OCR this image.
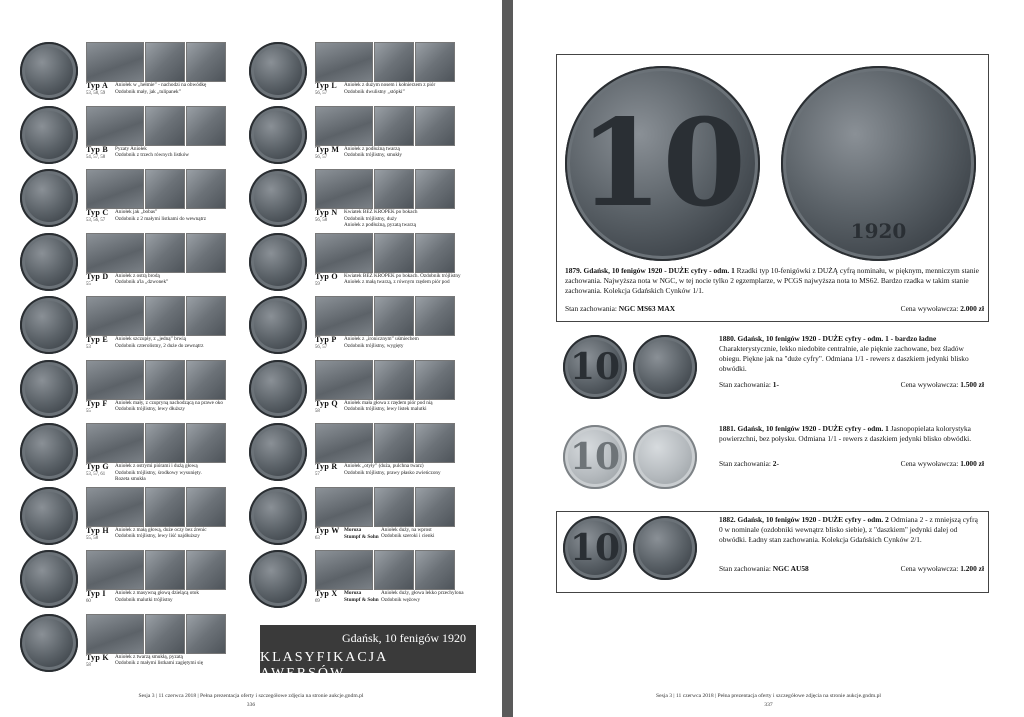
Typ A
53, 58, 59
Aniołek w „hełmie” - nachodzi na obwódkę
Ozdobnik mały, jak „tulipanek”
Typ B
54, 57, 58
Pyzaty Aniołek
Ozdobnik z trzech równych listków
Typ C
53, 56, 57
Aniołek jak „bobas”
Ozdobnik z 2 małymi listkami do wewnątrz
Typ D
55
Aniołek z ostrą brodą
Ozdobnik a'la „dzwonek”
Typ E
53
Aniołek szczupły, z „jedną” brwią
Ozdobnik czterolistny, 2 duże do zewnątrz
Typ F
55
Aniołek mały, z czupryną nachodzącą na prawe oko
Ozdobnik trójlistny, lewy dłuższy
Typ G
53, 57, 61
Aniołek z ostrymi piórami i dużą głową
Ozdobnik trójlistny, środkowy wysunięty.
Rozeta smukła
Typ H
55, 58
Aniołek z małą głową, duże oczy bez źrenic
Ozdobnik trójlistny, lewy liść najdłuższy
Typ I
60
Aniołek z masywną głową dzielącą otok
Ozdobnik malutki trójlistny
Typ K
58
Aniołek z twarzą smukłą, pyzatą
Ozdobnik z małymi listkami zagiętymi się
Typ L
56, 57
Aniołek z dużym nosem i kołnierzem z piór
Ozdobnik dwulistny „stópki”
Typ M
56, 57
Aniołek z podłużną twarzą
Ozdobnik trójlistny, smukły
Typ N
56, 58
Kwiatek BEZ KROPEK po bokach
Ozdobnik trójlistny, duży
Aniołek z podłużną, pyzatą twarzą
Typ O
59
Kwiatek BEZ KROPEK po bokach. Ozdobnik trójlistny
Aniołek z małą twarzą, z równym rzędem piór pod
Typ P
56, 57
Aniołek z „ironicznym” uśmiechem
Ozdobnik trójlistny, wygięty
Typ Q
58
Aniołek mała głowa z rzędem piór pod nią
Ozdobnik trójlistny, lewy listek malutki
Typ R
57
Aniołek „otyły” (duża, pulchna twarz)
Ozdobnik trójlistny, prawy płasko zwieńczony
Typ W
63
Moroza
Stumpf & Sohn
Aniołek duży, na wprost
Ozdobnik szeroki i cienki
Typ X
69
Moroza
Stumpf & Sohn
Aniołek duży, głowa lekko przechylona
Ozdobnik wężowy
Gdańsk, 10 fenigów 1920
KLASYFIKACJA AWERSÓW
Sesja 3 | 11 czerwca 2018 | Pełna prezentacja oferty i szczegółowe zdjęcia na stronie aukcje.gndm.pl
336
10	1920
1879. Gdańsk, 10 fenigów 1920 - DUŻE cyfry - odm. 1 Rzadki typ 10-fenigówki z DUŻĄ cyfrą nominału, w pięknym, menniczym stanie zachowania. Najwyższa nota w NGC, w tej nocie tylko 2 egzemplarze, w PCGS najwyższa nota to MS62. Bardzo rzadka w takim stanie zachowania. Kolekcja Gdańskich Cynków 1/1.
Stan zachowania: NGC MS63 MAX	Cena wywoławcza: 2.000 zł
10
1880. Gdańsk, 10 fenigów 1920 - DUŻE cyfry - odm. 1 - bardzo ładne Charakterystycznie, lekko niedobite centralnie, ale pięknie zachowane, bez śladów obiegu. Piękne jak na "duże cyfry". Odmiana 1/1 - rewers z daszkiem jedynki blisko obwódki.
Stan zachowania: 1-	Cena wywoławcza: 1.500 zł
10
1881. Gdańsk, 10 fenigów 1920 - DUŻE cyfry - odm. 1 Jasnopopielata kolorystyka powierzchni, bez połysku. Odmiana 1/1 - rewers z daszkiem jedynki blisko obwódki.
Stan zachowania: 2-	Cena wywoławcza: 1.000 zł
10
1882. Gdańsk, 10 fenigów 1920 - DUŻE cyfry - odm. 2 Odmiana 2 - z mniejszą cyfrą 0 w nominale (ozdobniki wewnątrz blisko siebie), z "daszkiem" jedynki dalej od obwódki. Ładny stan zachowania. Kolekcja Gdańskich Cynków 2/1.
Stan zachowania: NGC AU58	Cena wywoławcza: 1.200 zł
Sesja 3 | 11 czerwca 2018 | Pełna prezentacja oferty i szczegółowe zdjęcia na stronie aukcje.gndm.pl
337
